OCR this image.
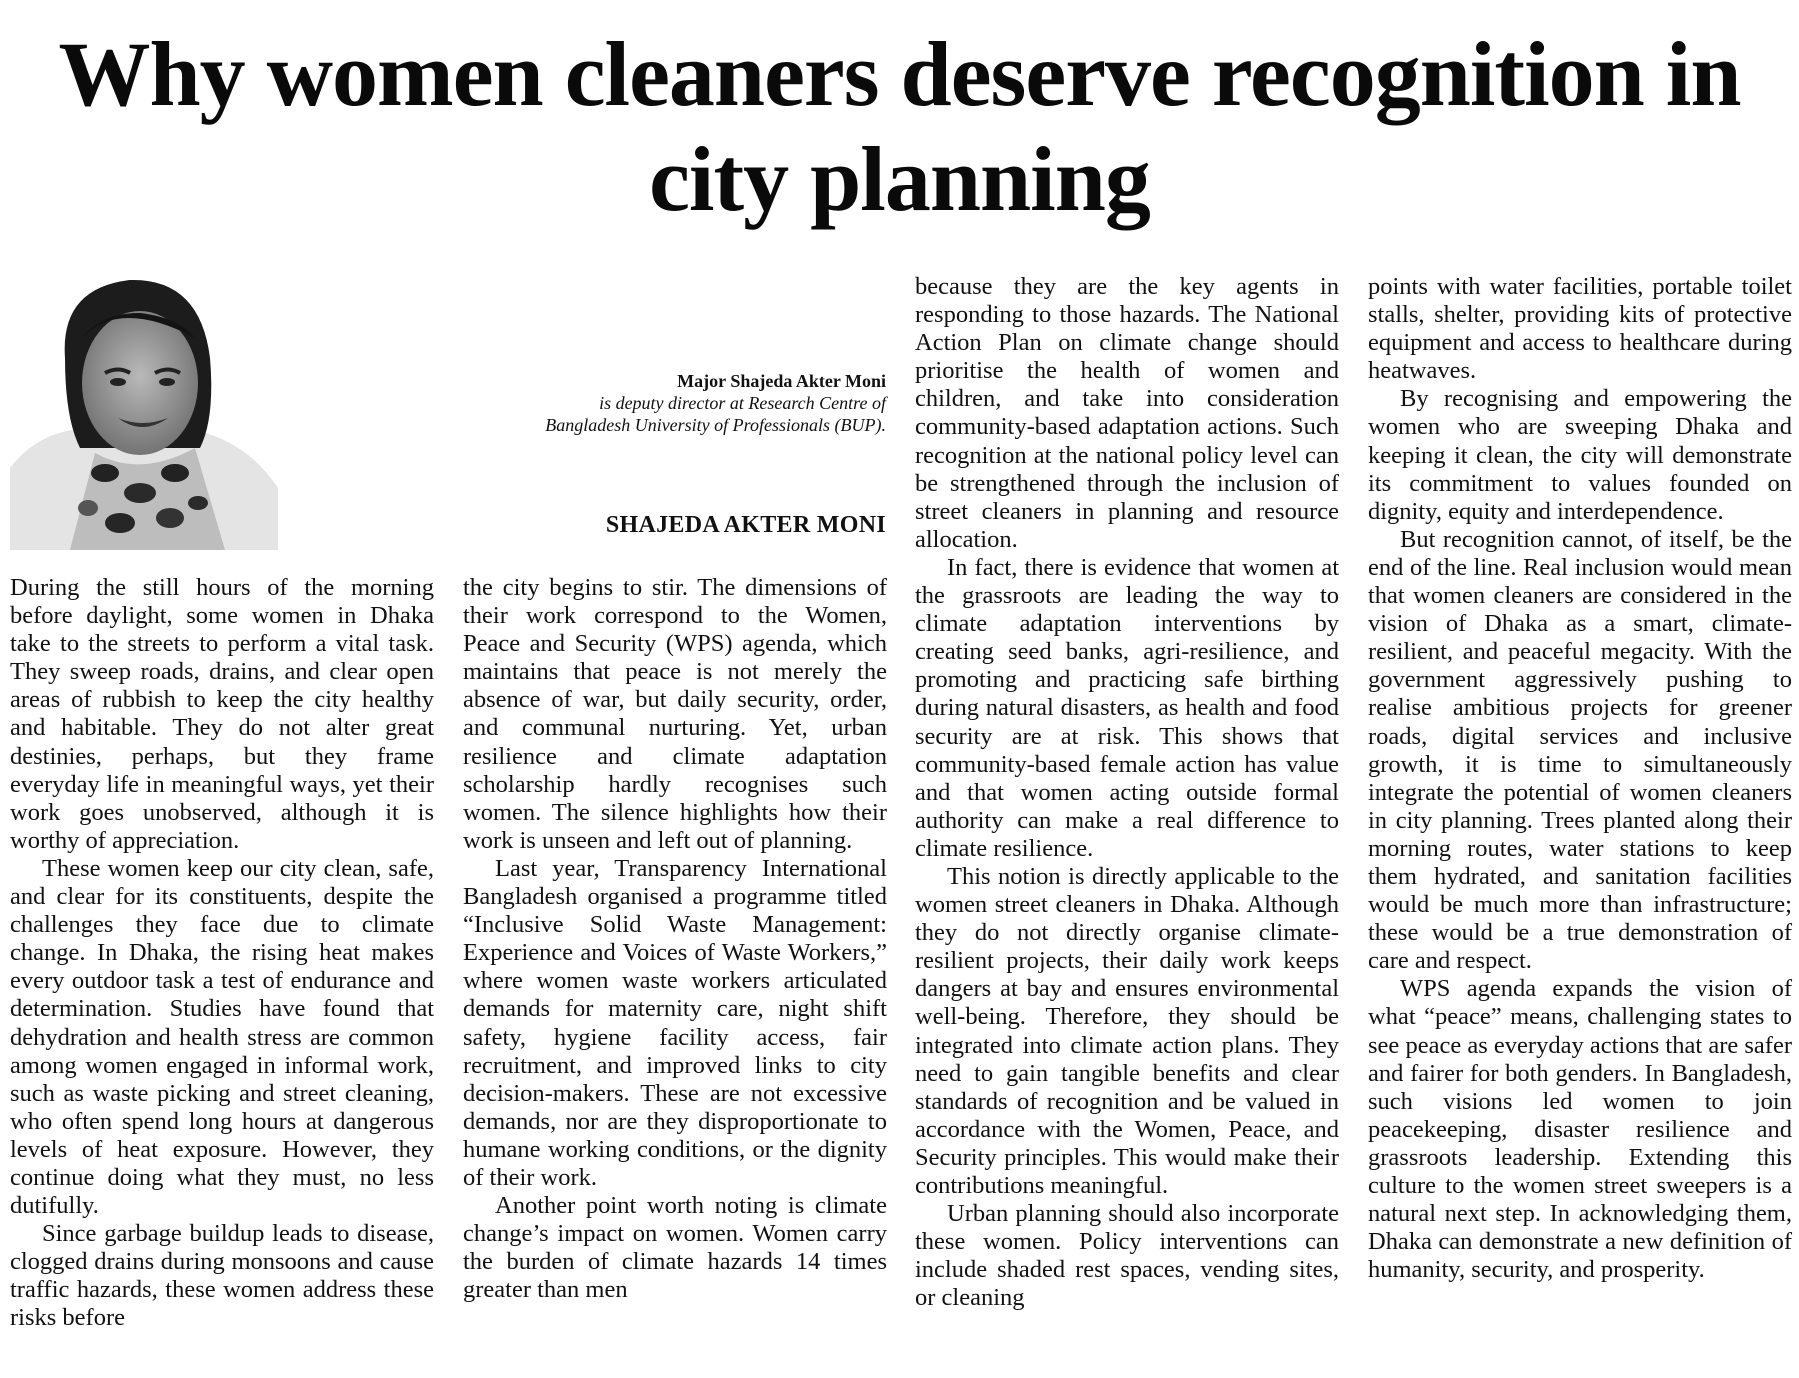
Why women cleaners deserve recognition in city planning
Major Shajeda Akter Moni
is deputy director at Research Centre of
Bangladesh University of Professionals (BUP).
SHAJEDA AKTER MONI

During the still hours of the morning before daylight, some women in Dhaka take to the streets to perform a vital task. They sweep roads, drains, and clear open areas of rubbish to keep the city healthy and habitable. They do not alter great destinies, perhaps, but they frame everyday life in meaningful ways, yet their work goes unobserved, although it is worthy of appreciation.

These women keep our city clean, safe, and clear for its constituents, despite the challenges they face due to climate change. In Dhaka, the rising heat makes every outdoor task a test of endurance and determination. Studies have found that dehydration and health stress are common among women engaged in informal work, such as waste picking and street cleaning, who often spend long hours at dangerous levels of heat exposure. However, they continue doing what they must, no less dutifully.

Since garbage buildup leads to disease, clogged drains during monsoons and cause traffic hazards, these women address these risks before

the city begins to stir. The dimensions of their work correspond to the Women, Peace and Security (WPS) agenda, which maintains that peace is not merely the absence of war, but daily security, order, and communal nurturing. Yet, urban resilience and climate adaptation scholarship hardly recognises such women. The silence highlights how their work is unseen and left out of planning.

Last year, Transparency International Bangladesh organised a programme titled “Inclusive Solid Waste Management: Experience and Voices of Waste Workers,” where women waste workers articulated demands for maternity care, night shift safety, hygiene facility access, fair recruitment, and improved links to city decision-makers. These are not excessive demands, nor are they disproportionate to humane working conditions, or the dignity of their work.

Another point worth noting is climate change’s impact on women. Women carry the burden of climate hazards 14 times greater than men

because they are the key agents in responding to those hazards. The National Action Plan on climate change should prioritise the health of women and children, and take into consideration community-based adaptation actions. Such recognition at the national policy level can be strengthened through the inclusion of street cleaners in planning and resource allocation.

In fact, there is evidence that women at the grassroots are leading the way to climate adaptation interventions by creating seed banks, agri-resilience, and promoting and practicing safe birthing during natural disasters, as health and food security are at risk. This shows that community-based female action has value and that women acting outside formal authority can make a real difference to climate resilience.

This notion is directly applicable to the women street cleaners in Dhaka. Although they do not directly organise climate-resilient projects, their daily work keeps dangers at bay and ensures environmental well-being. Therefore, they should be integrated into climate action plans. They need to gain tangible benefits and clear standards of recognition and be valued in accordance with the Women, Peace, and Security principles. This would make their contributions meaningful.

Urban planning should also incorporate these women. Policy interventions can include shaded rest spaces, vending sites, or cleaning

points with water facilities, portable toilet stalls, shelter, providing kits of protective equipment and access to healthcare during heatwaves.

By recognising and empowering the women who are sweeping Dhaka and keeping it clean, the city will demonstrate its commitment to values founded on dignity, equity and interdependence.

But recognition cannot, of itself, be the end of the line. Real inclusion would mean that women cleaners are considered in the vision of Dhaka as a smart, climate-resilient, and peaceful megacity. With the government aggressively pushing to realise ambitious projects for greener roads, digital services and inclusive growth, it is time to simultaneously integrate the potential of women cleaners in city planning. Trees planted along their morning routes, water stations to keep them hydrated, and sanitation facilities would be much more than infrastructure; these would be a true demonstration of care and respect.

WPS agenda expands the vision of what “peace” means, challenging states to see peace as everyday actions that are safer and fairer for both genders. In Bangladesh, such visions led women to join peacekeeping, disaster resilience and grassroots leadership. Extending this culture to the women street sweepers is a natural next step. In acknowledging them, Dhaka can demonstrate a new definition of humanity, security, and prosperity.
